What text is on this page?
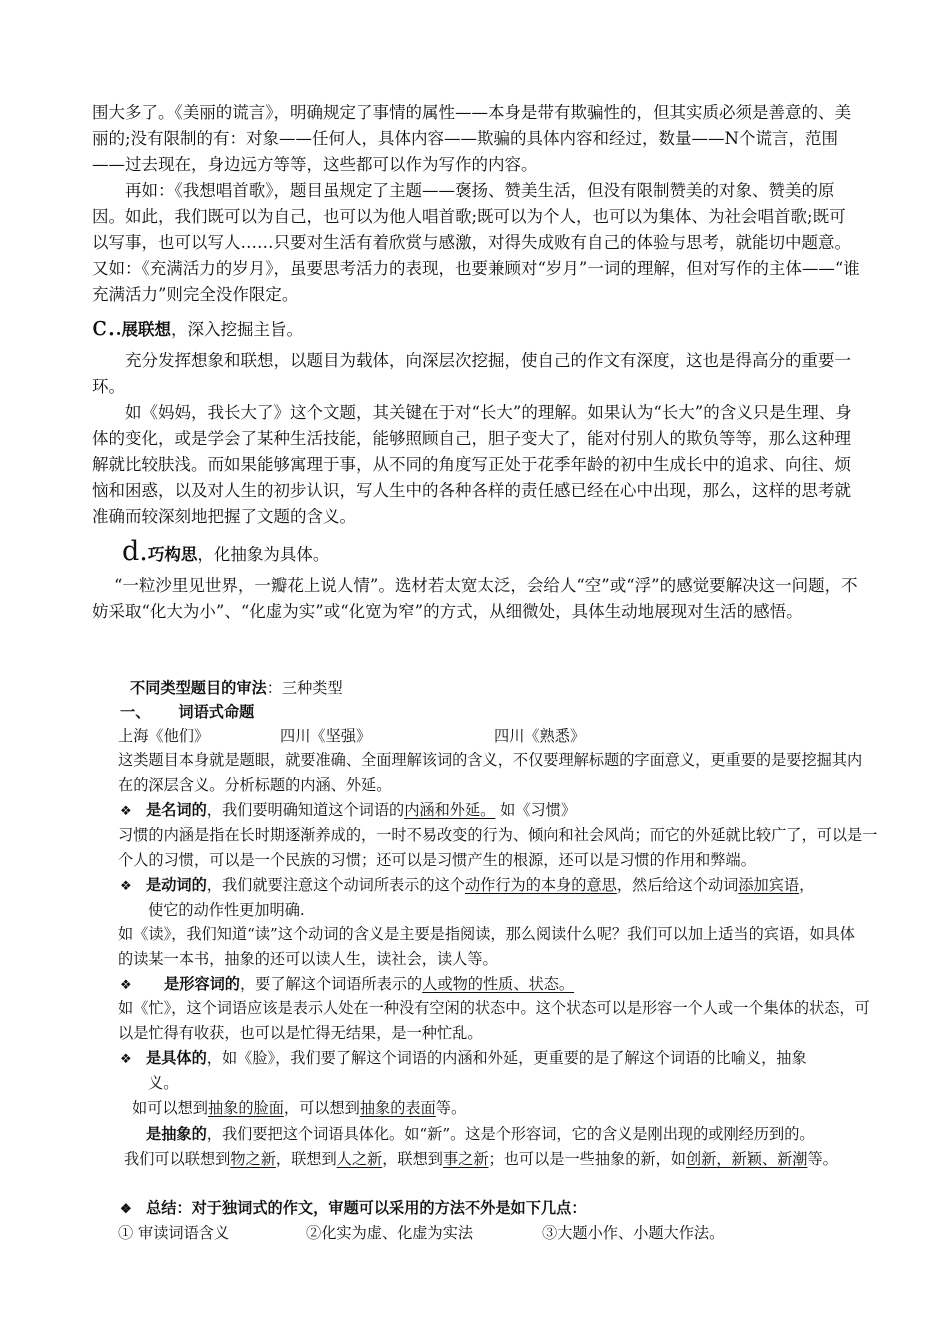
围大多了。《美丽的谎言》，明确规定了事情的属性——本身是带有欺骗性的，但其实质必须是善意的、美丽的;没有限制的有：对象——任何人，具体内容——欺骗的具体内容和经过，数量——N个谎言，范围——过去现在，身边远方等等，这些都可以作为写作的内容。

再如：《我想唱首歌》，题目虽规定了主题——褒扬、赞美生活，但没有限制赞美的对象、赞美的原因。如此，我们既可以为自己，也可以为他人唱首歌;既可以为个人，也可以为集体、为社会唱首歌;既可以写事，也可以写人……只要对生活有着欣赏与感激，对得失成败有自己的体验与思考，就能切中题意。又如：《充满活力的岁月》，虽要思考活力的表现，也要兼顾对“岁月”一词的理解，但对写作的主体——“谁充满活力”则完全没作限定。

c..展联想，深入挖掘主旨。

充分发挥想象和联想，以题目为载体，向深层次挖掘，使自己的作文有深度，这也是得高分的重要一环。

如《妈妈，我长大了》这个文题，其关键在于对“长大”的理解。如果认为“长大”的含义只是生理、身体的变化，或是学会了某种生活技能，能够照顾自己，胆子变大了，能对付别人的欺负等等，那么这种理解就比较肤浅。而如果能够寓理于事，从不同的角度写正处于花季年龄的初中生成长中的追求、向往、烦恼和困惑，以及对人生的初步认识，写人生中的各种各样的责任感已经在心中出现，那么，这样的思考就准确而较深刻地把握了文题的含义。

d.巧构思，化抽象为具体。

“一粒沙里见世界，一瓣花上说人情”。选材若太宽太泛，会给人“空”或“浮”的感觉要解决这一问题，不妨采取“化大为小”、“化虚为实”或“化宽为窄”的方式，从细微处，具体生动地展现对生活的感悟。

不同类型题目的审法：三种类型
一、 词语式命题
上海《他们》	四川《坚强》	四川《熟悉》

这类题目本身就是题眼，就要准确、全面理解该词的含义，不仅要理解标题的字面意义，更重要的是要挖掘其内在的深层含义。分析标题的内涵、外延。

❖ 是名词的，我们要明确知道这个词语的内涵和外延。 如《习惯》

习惯的内涵是指在长时期逐渐养成的，一时不易改变的行为、倾向和社会风尚；而它的外延就比较广了，可以是一个人的习惯，可以是一个民族的习惯；还可以是习惯产生的根源，还可以是习惯的作用和弊端。

❖ 是动词的，我们就要注意这个动词所表示的这个动作行为的本身的意思，然后给这个动词添加宾语，
使它的动作性更加明确.

如《读》，我们知道“读”这个动词的含义是主要是指阅读，那么阅读什么呢？我们可以加上适当的宾语，如具体的读某一本书，抽象的还可以读人生，读社会，读人等。

❖ 是形容词的，要了解这个词语所表示的人或物的性质、状态。

如《忙》，这个词语应该是表示人处在一种没有空闲的状态中。这个状态可以是形容一个人或一个集体的状态，可以是忙得有收获，也可以是忙得无结果，是一种忙乱。

❖ 是具体的，如《脸》，我们要了解这个词语的内涵和外延，更重要的是了解这个词语的比喻义，抽象
义。
如可以想到抽象的脸面，可以想到抽象的表面等。
是抽象的，我们要把这个词语具体化。如“新”。这是个形容词，它的含义是刚出现的或刚经历到的。
我们可以联想到物之新，联想到人之新，联想到事之新；也可以是一些抽象的新，如创新，新颖、新潮等。
❖ 总结：对于独词式的作文，审题可以采用的方法不外是如下几点：
① 审读词语含义	②化实为虚、化虚为实法	③大题小作、小题大作法。
